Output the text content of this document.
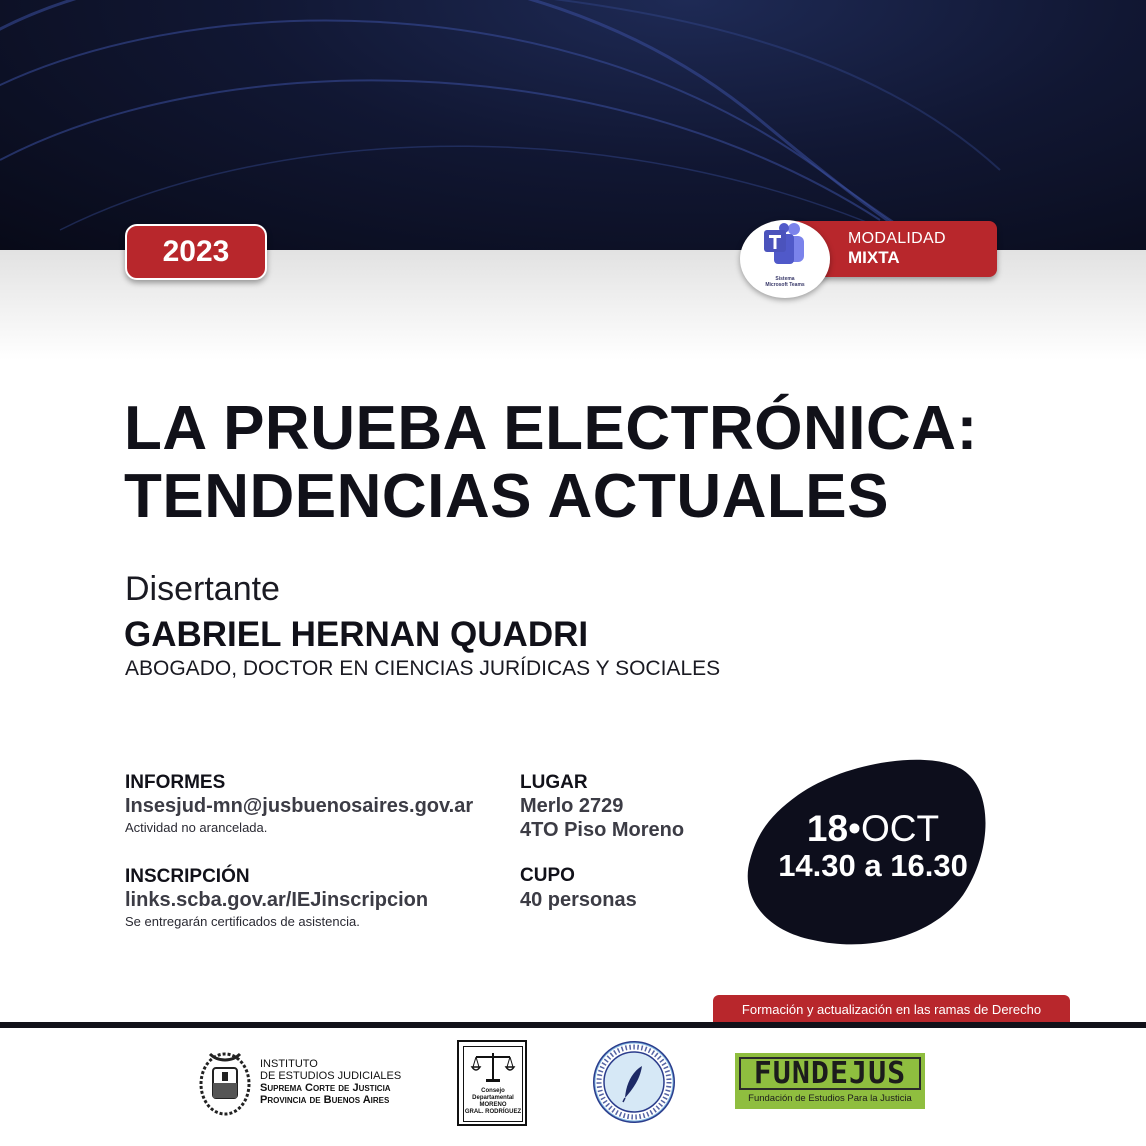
2023	MODALIDAD
MIXTA
Sistema
Microsoft Teams
LA PRUEBA ELECTRÓNICA:
TENDENCIAS ACTUALES
Disertante
GABRIEL HERNAN QUADRI
ABOGADO, DOCTOR EN CIENCIAS JURÍDICAS Y SOCIALES
INFORMES
Insesjud-mn@jusbuenosaires.gov.ar
Actividad no arancelada.
INSCRIPCIÓN
links.scba.gov.ar/IEJinscripcion
Se entregarán certificados de asistencia.
LUGAR
Merlo 2729
4TO Piso Moreno
CUPO
40 personas
18•OCT
14.30 a 16.30
Formación y actualización en las ramas de Derecho
INSTITUTO
DE ESTUDIOS JUDICIALES
Suprema Corte de Justicia
Provincia de Buenos Aires
Consejo
Departamental
MORENO
GRAL. RODRÍGUEZ
FUNDEJUS
Fundación de Estudios Para la Justicia
